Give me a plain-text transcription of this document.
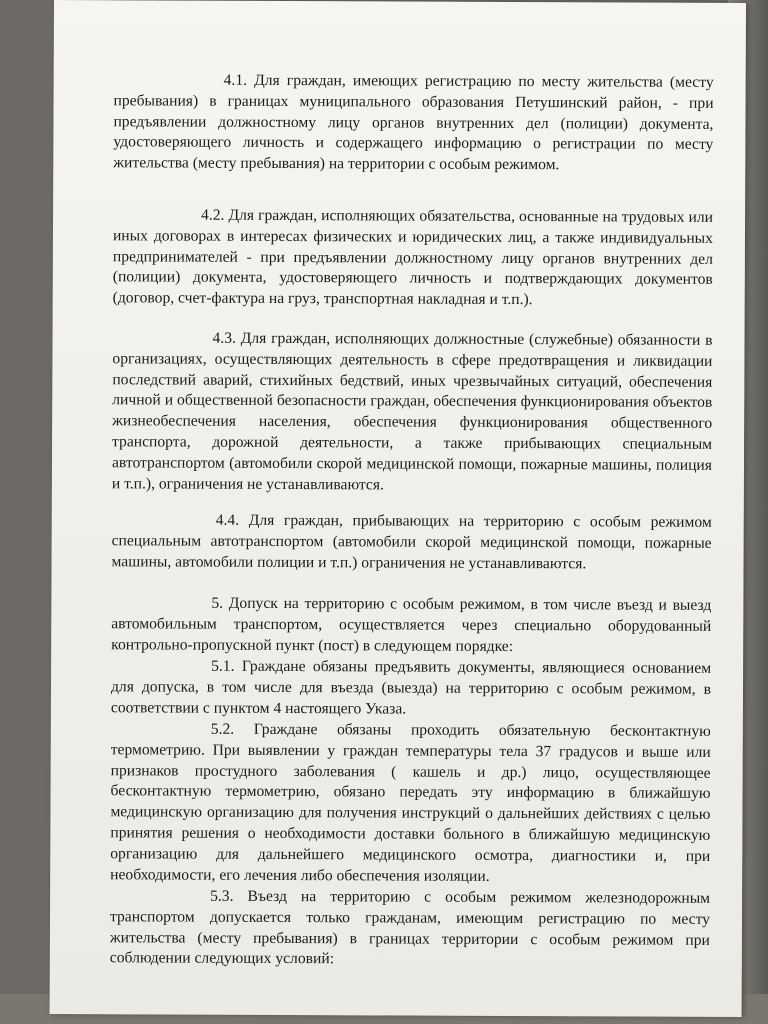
4.1. Для граждан, имеющих регистрацию по месту жительства (месту пребывания) в границах муниципального образования Петушинский район, - при предъявлении должностному лицу органов внутренних дел (полиции) документа, удостоверяющего личность и содержащего информацию о регистрации по месту жительства (месту пребывания) на территории с особым режимом.
4.2. Для граждан, исполняющих обязательства, основанные на трудовых или иных договорах в интересах физических и юридических лиц, а также индивидуальных предпринимателей - при предъявлении должностному лицу органов внутренних дел (полиции) документа, удостоверяющего личность и подтверждающих документов (договор, счет-фактура на груз, транспортная накладная и т.п.).
4.3. Для граждан, исполняющих должностные (служебные) обязанности в организациях, осуществляющих деятельность в сфере предотвращения и ликвидации последствий аварий, стихийных бедствий, иных чрезвычайных ситуаций, обеспечения личной и общественной безопасности граждан, обеспечения функционирования объектов жизнеобеспечения населения, обеспечения функционирования общественного транспорта, дорожной деятельности, а также прибывающих специальным автотранспортом (автомобили скорой медицинской помощи, пожарные машины, полиция и т.п.), ограничения не устанавливаются.
4.4. Для граждан, прибывающих на территорию с особым режимом специальным автотранспортом (автомобили скорой медицинской помощи, пожарные машины, автомобили полиции и т.п.) ограничения не устанавливаются.
5. Допуск на территорию с особым режимом, в том числе въезд и выезд автомобильным транспортом, осуществляется через специально оборудованный контрольно-пропускной пункт (пост) в следующем порядке:
5.1. Граждане обязаны предъявить документы, являющиеся основанием для допуска, в том числе для въезда (выезда) на территорию с особым режимом, в соответствии с пунктом 4 настоящего Указа.
5.2. Граждане обязаны проходить обязательную бесконтактную термометрию. При выявлении у граждан температуры тела 37 градусов и выше или признаков простудного заболевания ( кашель и др.) лицо, осуществляющее бесконтактную термометрию, обязано передать эту информацию в ближайшую медицинскую организацию для получения инструкций о дальнейших действиях с целью принятия решения о необходимости доставки больного в ближайшую медицинскую организацию для дальнейшего медицинского осмотра, диагностики и, при необходимости, его лечения либо обеспечения изоляции.
5.3. Въезд на территорию с особым режимом железнодорожным транспортом допускается только гражданам, имеющим регистрацию по месту жительства (месту пребывания) в границах территории с особым режимом при соблюдении следующих условий:
